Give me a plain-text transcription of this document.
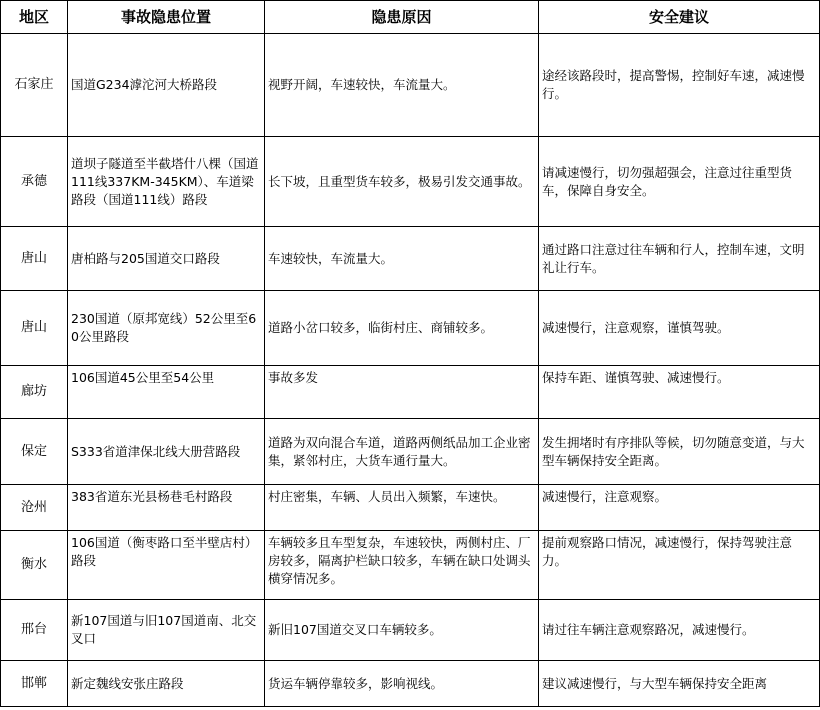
地区	事故隐患位置	隐患原因	安全建议
石家庄	国道G234滹沱河大桥路段	视野开阔，车速较快，车流量大。	途经该路段时，提高警惕，控制好车速，减速慢行。
承德	道坝子隧道至半截塔什八棵（国道111线337KM-345KM）、车道梁路段（国道111线）路段	长下坡，且重型货车较多，极易引发交通事故。	请减速慢行，切勿强超强会，注意过往重型货车，保障自身安全。
唐山	唐柏路与205国道交口路段	车速较快，车流量大。	通过路口注意过往车辆和行人，控制车速，文明礼让行车。
唐山	230国道（原邦宽线）52公里至60公里路段	道路小岔口较多，临街村庄、商铺较多。	减速慢行，注意观察，谨慎驾驶。
廊坊	106国道45公里至54公里	事故多发	保持车距、谨慎驾驶、减速慢行。
保定	S333省道津保北线大册营路段	道路为双向混合车道，道路两侧纸品加工企业密集，紧邻村庄，大货车通行量大。	发生拥堵时有序排队等候，切勿随意变道，与大型车辆保持安全距离。
沧州	383省道东光县杨巷毛村路段	村庄密集，车辆、人员出入频繁，车速快。	减速慢行，注意观察。
衡水	106国道（衡枣路口至半壁店村）路段	车辆较多且车型复杂，车速较快，两侧村庄、厂房较多，隔离护栏缺口较多，车辆在缺口处调头横穿情况多。	提前观察路口情况，减速慢行，保持驾驶注意力。
邢台	新107国道与旧107国道南、北交叉口	新旧107国道交叉口车辆较多。	请过往车辆注意观察路况，减速慢行。
邯郸	新定魏线安张庄路段	货运车辆停靠较多，影响视线。	建议减速慢行，与大型车辆保持安全距离
